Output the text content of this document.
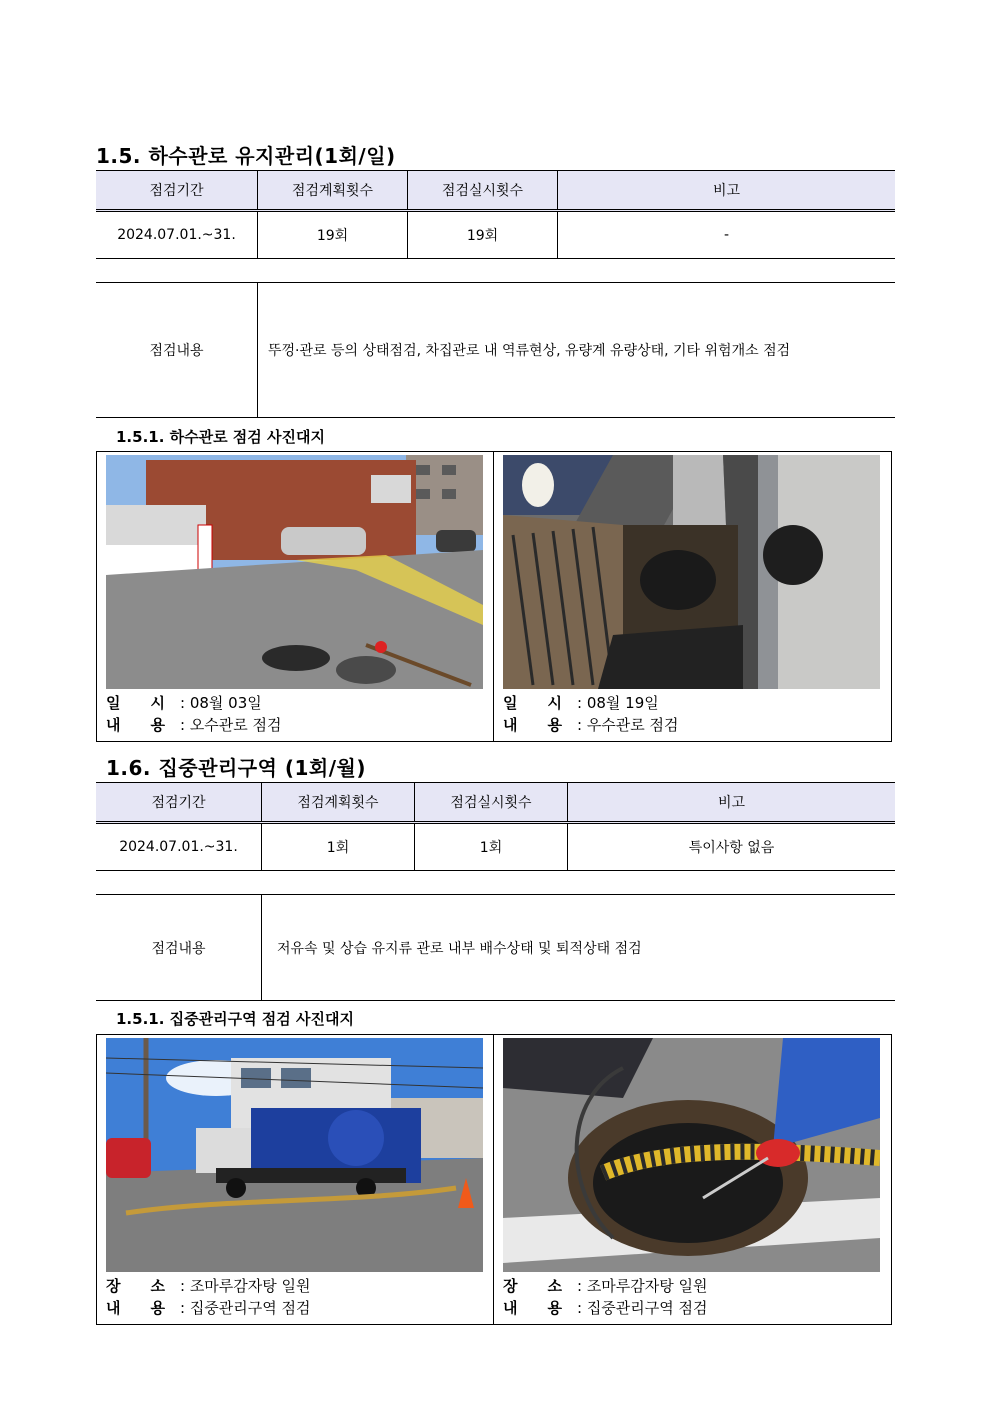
1.5. 하수관로 유지관리(1회/일)
점검기간	점검계획횟수	점검실시횟수	비고
2024.07.01.~31.	19회	19회	-
점검내용	뚜껑·관로 등의 상태점검, 차집관로 내 역류현상, 유량계 유량상태, 기타 위험개소 점검
1.5.1. 하수관로 점검 사진대지
일　　시 : 08월 03일
내　　용 : 오수관로 점검
일　　시 : 08월 19일
내　　용 : 우수관로 점검
1.6. 집중관리구역 (1회/월)
점검기간	점검계획횟수	점검실시횟수	비고
2024.07.01.~31.	1회	1회	특이사항 없음
점검내용	저유속 및 상습 유지류 관로 내부 배수상태 및 퇴적상태 점검
1.5.1. 집중관리구역 점검 사진대지
장　　소 : 조마루감자탕 일원
내　　용 : 집중관리구역 점검
장　　소 : 조마루감자탕 일원
내　　용 : 집중관리구역 점검
